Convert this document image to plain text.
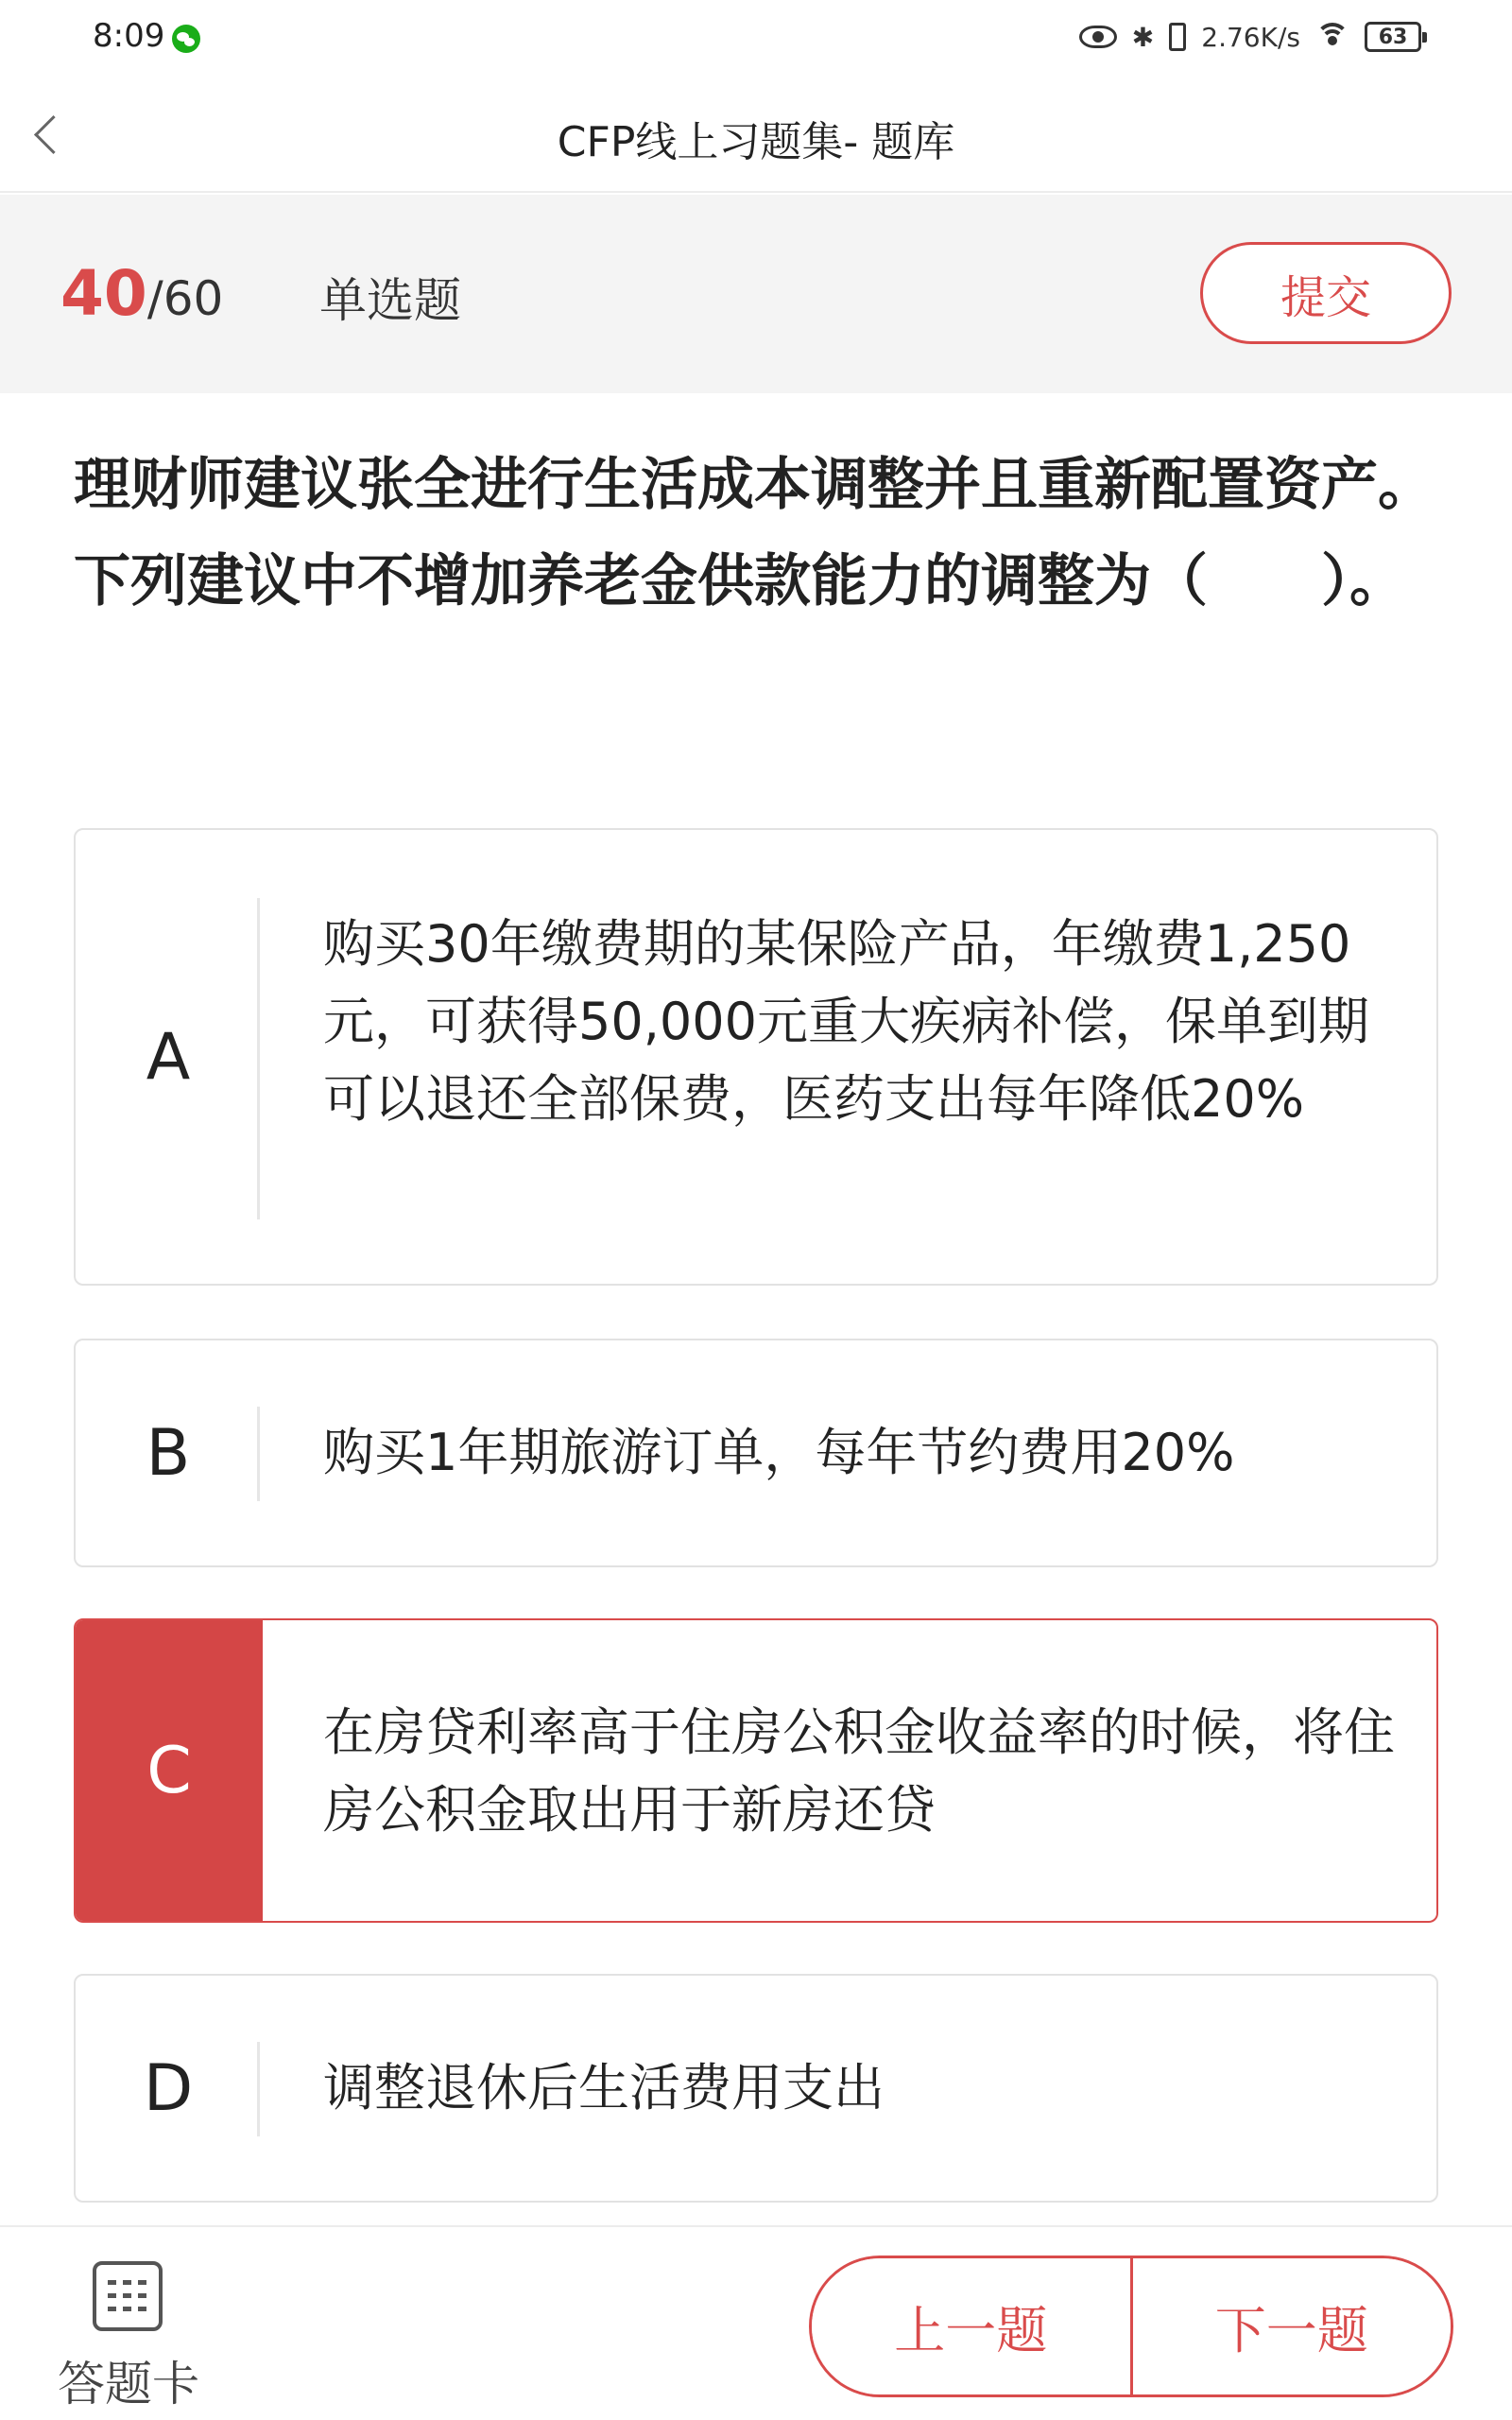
8:09	✱ 2.76K/s	63
CFP线上习题集- 题库
40 /60 单选题	提交
理财师建议张全进行生活成本调整并且重新配置资产。下列建议中不增加养老金供款能力的调整为（　　）。
A
购买30年缴费期的某保险产品，年缴费1,250元，可获得50,000元重大疾病补偿，保单到期可以退还全部保费，医药支出每年降低20%
B	购买1年期旅游订单，每年节约费用20%
C
在房贷利率高于住房公积金收益率的时候，将住房公积金取出用于新房还贷
D	调整退休后生活费用支出
答题卡
上一题	下一题
